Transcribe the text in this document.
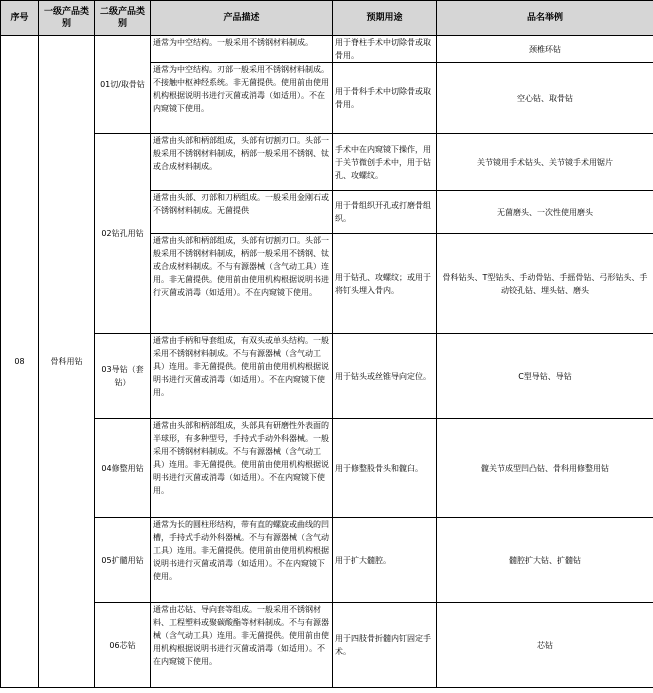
序号	一级产品类别	二级产品类别	产品描述	预期用途	品名举例
08	骨科用钻	01切/取骨钻	通常为中空结构。一般采用不锈钢材料制成。	用于脊柱手术中切除骨或取骨用。	颈椎环钻
			通常为中空结构。刃部一般采用不锈钢材料制成。不接触中枢神经系统。非无菌提供。使用前由使用机构根据说明书进行灭菌或消毒（如适用）。不在内窥镜下使用。	用于骨科手术中切除骨或取骨用。	空心钻、取骨钻
		02钻孔用钻	通常由头部和柄部组成，头部有切割刃口。头部一般采用不锈钢材料制成，柄部一般采用不锈钢、钛或合成材料制成。	手术中在内窥镜下操作，用于关节微创手术中，用于钻孔、攻螺纹。	关节镜用手术钻头、关节镜手术用锯片
			通常由头部、刃部和刀柄组成。一般采用金刚石或不锈钢材料制成。无菌提供	用于骨组织开孔或打磨骨组织。	无菌磨头、一次性使用磨头
			通常由头部和柄部组成，头部有切割刃口。头部一般采用不锈钢材料制成，柄部一般采用不锈钢、钛或合成材料制成。不与有源器械（含气动工具）连用。非无菌提供。使用前由使用机构根据说明书进行灭菌或消毒（如适用）。不在内窥镜下使用。	用于钻孔、攻螺纹；或用于将钉头埋入骨内。	骨科钻头、T型钻头、手动骨钻、手摇骨钻、弓形钻头、手动铰孔钻、埋头钻、磨头
		03导钻（套钻）	通常由手柄和导套组成，有双头或单头结构。一般采用不锈钢材料制成。不与有源器械（含气动工具）连用。非无菌提供。使用前由使用机构根据说明书进行灭菌或消毒（如适用）。不在内窥镜下使用。	用于钻头或丝锥导向定位。	C型导钻、导钻
		04修整用钻	通常由头部和柄部组成，头部具有研磨性外表面的半球形，有多种型号，手持式手动外科器械。一般采用不锈钢材料制成。不与有源器械（含气动工具）连用。非无菌提供。使用前由使用机构根据说明书进行灭菌或消毒（如适用）。不在内窥镜下使用。	用于修整股骨头和髋臼。	髋关节成型凹凸钻、骨科用修整用钻
		05扩髓用钻	通常为长的圆柱形结构，带有直的螺旋或曲线的凹槽，手持式手动外科器械。不与有源器械（含气动工具）连用。非无菌提供。使用前由使用机构根据说明书进行灭菌或消毒（如适用）。不在内窥镜下使用。	用于扩大髓腔。	髓腔扩大钻、扩髓钻
		06芯钻	通常由芯钻、导向套等组成。一般采用不锈钢材料、工程塑料或聚碳酸酯等材料制成。不与有源器械（含气动工具）连用。非无菌提供。使用前由使用机构根据说明书进行灭菌或消毒（如适用）。不在内窥镜下使用。	用于四肢骨折髓内钉固定手术。	芯钻
